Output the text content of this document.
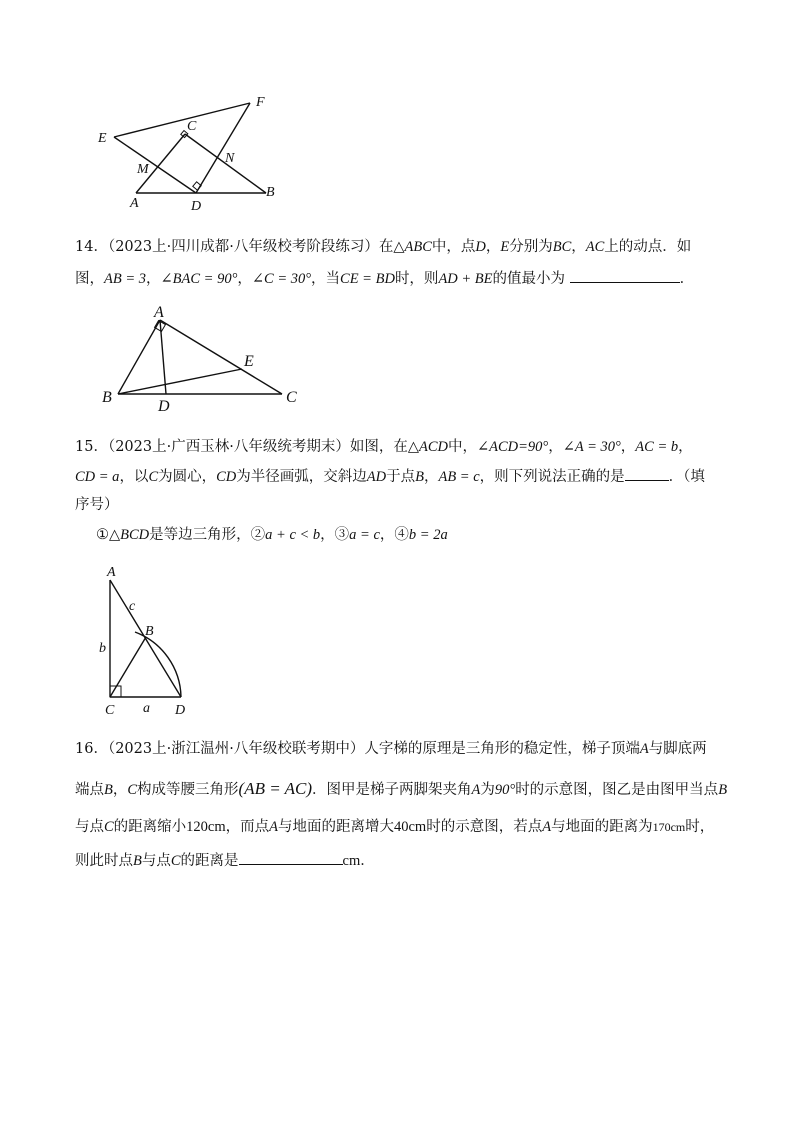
E
F
C
N
M
A	D
B

14．（2023上·四川成都·八年级校考阶段练习）在△ABC中，点D，E分别为BC，AC上的动点．如

图，AB = 3，∠BAC = 90°，∠C = 30°，当CE = BD时，则AD + BE的值最小为	．

A
B	C
D
E

15．（2023上·广西玉林·八年级统考期末）如图，在△ACD中，∠ACD=90°，∠A = 30°，AC = b，

CD = a，以C为圆心，CD为半径画弧，交斜边AD于点B，AB = c，则下列说法正确的是	．（填

序号）

①△BCD是等边三角形，②a + c < b，③a = c，④b = 2a

A
c
B
b
C a D

16．（2023上·浙江温州·八年级校联考期中）人字梯的原理是三角形的稳定性，梯子顶端A与脚底两

端点B，C构成等腰三角形(AB = AC)．图甲是梯子两脚架夹角A为90°时的示意图，图乙是由图甲当点B

与点C的距离缩小120cm，而点A与地面的距离增大40cm时的示意图，若点A与地面的距离为170cm时，

则此时点B与点C的距离是	cm．
